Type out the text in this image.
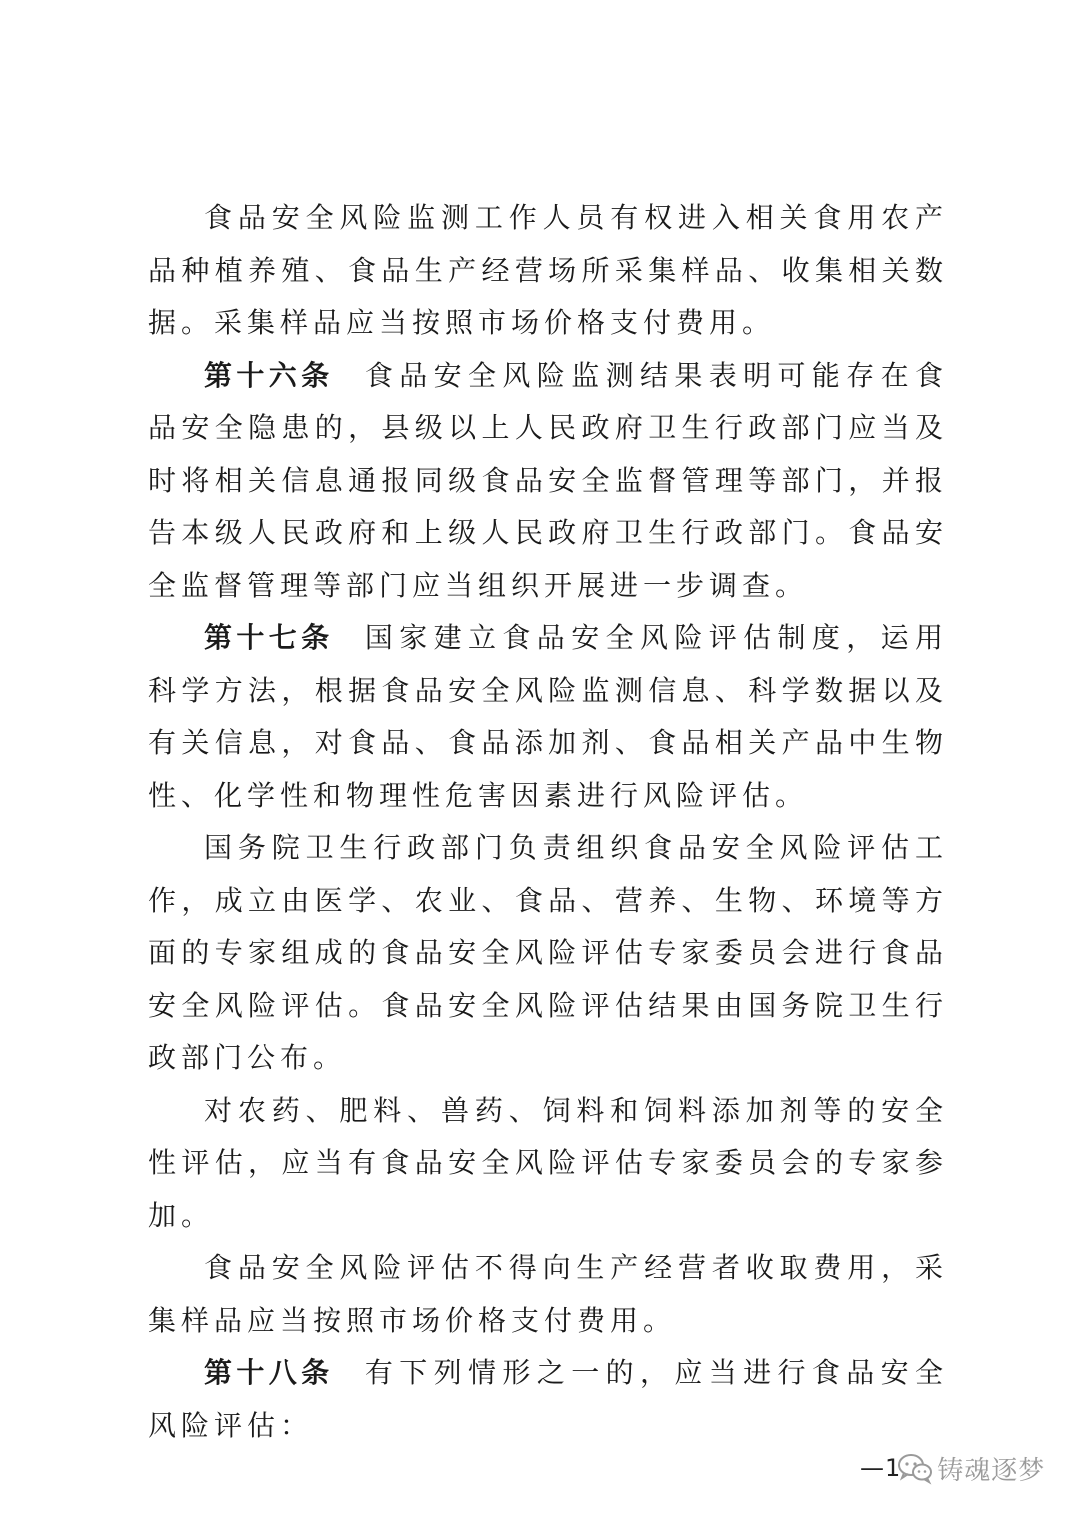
食品安全风险监测工作人员有权进入相关食用农产品种植养殖、食品生产经营场所采集样品、收集相关数据。采集样品应当按照市场价格支付费用。

第十六条 食品安全风险监测结果表明可能存在食品安全隐患的，县级以上人民政府卫生行政部门应当及时将相关信息通报同级食品安全监督管理等部门，并报告本级人民政府和上级人民政府卫生行政部门。食品安全监督管理等部门应当组织开展进一步调查。

第十七条 国家建立食品安全风险评估制度，运用科学方法，根据食品安全风险监测信息、科学数据以及有关信息，对食品、食品添加剂、食品相关产品中生物性、化学性和物理性危害因素进行风险评估。

国务院卫生行政部门负责组织食品安全风险评估工作，成立由医学、农业、食品、营养、生物、环境等方面的专家组成的食品安全风险评估专家委员会进行食品安全风险评估。食品安全风险评估结果由国务院卫生行政部门公布。

对农药、肥料、兽药、饲料和饲料添加剂等的安全性评估，应当有食品安全风险评估专家委员会的专家参加。

食品安全风险评估不得向生产经营者收取费用，采集样品应当按照市场价格支付费用。

第十八条 有下列情形之一的，应当进行食品安全风险评估：

—1 铸魂逐梦
